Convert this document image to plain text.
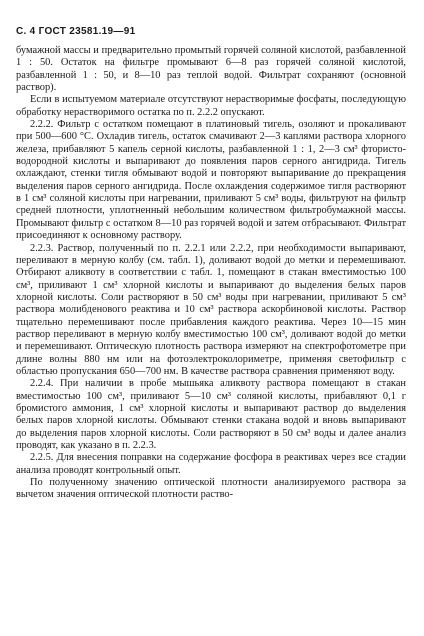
С. 4 ГОСТ 23581.19—91

бумажной массы и предварительно промытый горячей соляной кислотой, разбавленной 1 : 50. Остаток на фильтре промывают 6—8 раз горячей соляной кислотой, разбавленной 1 : 50, и 8—10 раз теплой водой. Фильтрат сохраняют (основной раствор).

Если в испытуемом материале отсутствуют нерастворимые фосфаты, последующую обработку нерастворимого остатка по п. 2.2.2 опускают.

2.2.2. Фильтр с остатком помещают в платиновый тигель, озоляют и прокаливают при 500—600 °С. Охладив тигель, остаток смачивают 2—3 каплями раствора хлорного железа, прибавляют 5 капель серной кислоты, разбавленной 1 : 1, 2—3 см³ фтористоводородной кислоты и выпаривают до появления паров серного ангидрида. Тигель охлаждают, стенки тигля обмывают водой и повторяют выпаривание до прекращения выделения паров серного ангидрида. После охлаждения содержимое тигля растворяют в 1 см³ соляной кислоты при нагревании, приливают 5 см³ воды, фильтруют на фильтр средней плотности, уплотненный небольшим количеством фильтробумажной массы. Промывают фильтр с остатком 8—10 раз горячей водой и затем отбрасывают. Фильтрат присоединяют к основному раствору.

2.2.3. Раствор, полученный по п. 2.2.1 или 2.2.2, при необходимости выпаривают, переливают в мерную колбу (см. табл. 1), доливают водой до метки и перемешивают. Отбирают аликвоту в соответствии с табл. 1, помещают в стакан вместимостью 100 см³, приливают 1 см³ хлорной кислоты и выпаривают до выделения белых паров хлорной кислоты. Соли растворяют в 50 см³ воды при нагревании, приливают 5 см³ раствора молибденового реактива и 10 см³ раствора аскорбиновой кислоты. Раствор тщательно перемешивают после прибавления каждого реактива. Через 10—15 мин раствор переливают в мерную колбу вместимостью 100 см³, доливают водой до метки и перемешивают. Оптическую плотность раствора измеряют на спектрофотометре при длине волны 880 нм или на фотоэлектроколориметре, применяя светофильтр с областью пропускания 650—700 нм. В качестве раствора сравнения применяют воду.

2.2.4. При наличии в пробе мышьяка аликвоту раствора помещают в стакан вместимостью 100 см³, приливают 5—10 см³ соляной кислоты, прибавляют 0,1 г бромистого аммония, 1 см³ хлорной кислоты и выпаривают раствор до выделения белых паров хлорной кислоты. Обмывают стенки стакана водой и вновь выпаривают до выделения паров хлорной кислоты. Соли растворяют в 50 см³ воды и далее анализ проводят, как указано в п. 2.2.3.

2.2.5. Для внесения поправки на содержание фосфора в реактивах через все стадии анализа проводят контрольный опыт.

По полученному значению оптической плотности анализируемого раствора за вычетом значения оптической плотности раство-
